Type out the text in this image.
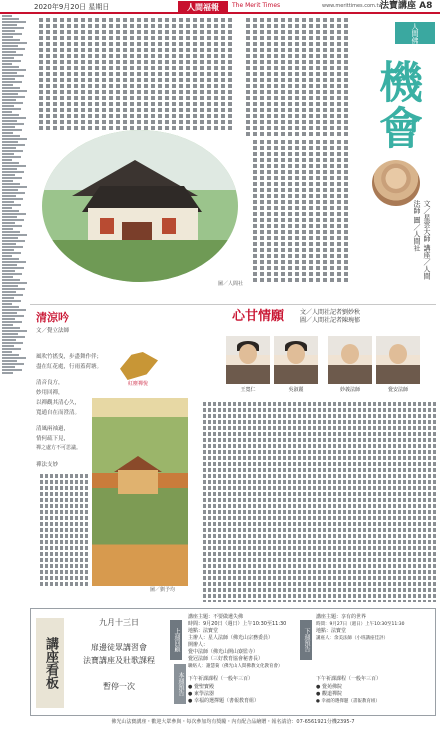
2020年9月20日 星期日	人間福報	The Merit Times	www.merittimes.com.tw
法寶講座 A8
人間佛教
機會
文／星雲大師 講座／人間法師 圖／人間社
圖／人間社
心甘情願	文／人間社記者劉妙秋
圖／人間社記者陳琬郁
王寬仁	吳淑麗	妙義法師	覺安法師
清涼吟
文／覺立法師
風吹竹搖曳，步盡舞作伴；
盡在紅花處，行雨蓋荷塘。
清音良方，
妙用回禪，
以禪觀其清心久，
寬通自在而澄清。
清風兩袖過，
情何疏下見，
禪之處方不可思議。
禪法支妙
紅塵禪悅
圖／劉予均
講座看板
九月十三日
扉邊徒眾講習會
法寶講座及壯歌課程
暫停一次
上週回顧
本週預告
下週預告
講座主題：不要做遺失佛
時間：9月20日（週日）上午10:30至11:30
地點：法寶堂
主辦人：星人法師（佛光山宗務委員）
開辦人：
覺中法師（佛光山開山寮監寺）
覺冠法師（三好教育協會秘書長）
聯絡人：謝慧菊（佛光山人間佛教文化教育會）
下午祈課課程（一般年三百）
● 覺聖寶殿
● 東學法器
● 幸福的選擇題（書報教育組）
講座主題：享有的世界
時間：9月27日（週日）上午10:30至11:30
地點：法寶堂
講座人：余美法師（小班講座佳評）
下午祈課課程（一般年三百）
● 覺苑佛院　
● 觀道禪院
● 幸福的選擇題（書報教育組）
佛光山法寶講座・歡迎大眾參與・每次參加均有獎勵・內有配合品繪贈・報名請洽：07-6561921分機2395-7
